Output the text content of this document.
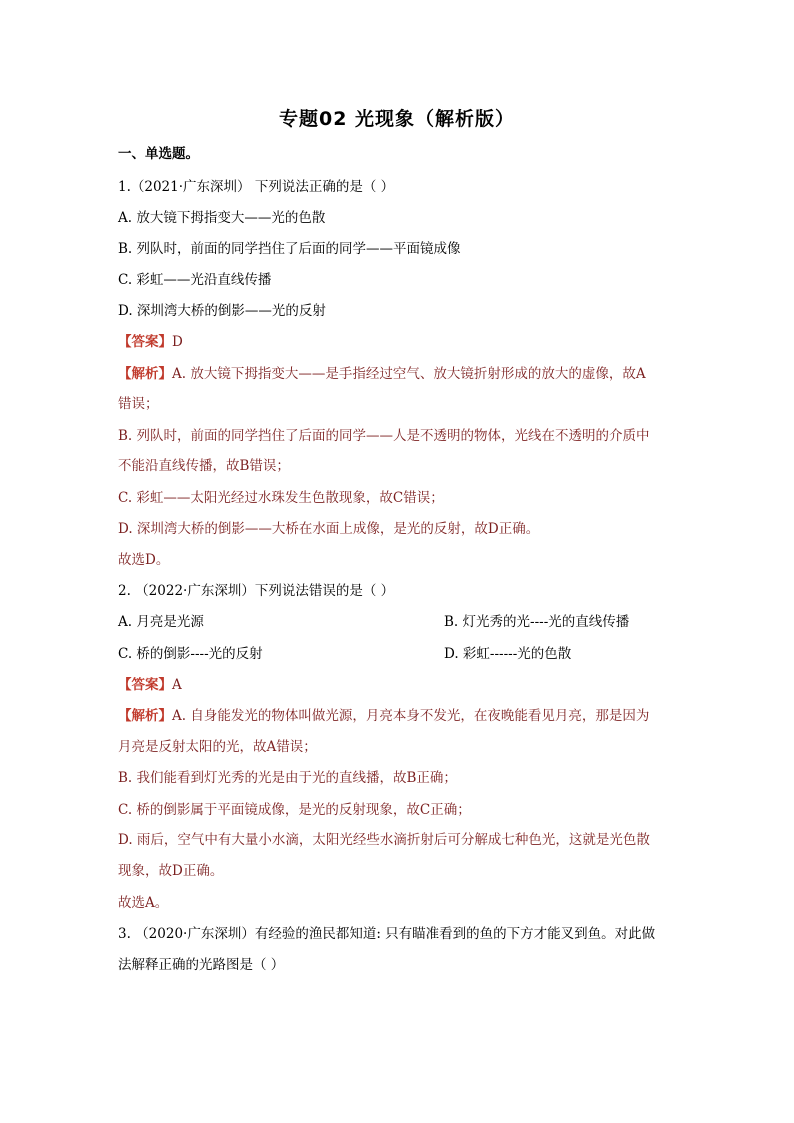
专题02 光现象（解析版）
一、单选题。
1.（2021·广东深圳） 下列说法正确的是（ ）
A. 放大镜下拇指变大——光的色散
B. 列队时，前面的同学挡住了后面的同学——平面镜成像
C. 彩虹——光沿直线传播
D. 深圳湾大桥的倒影——光的反射
【答案】D
【解析】A. 放大镜下拇指变大——是手指经过空气、放大镜折射形成的放大的虚像，故A
错误；
B. 列队时，前面的同学挡住了后面的同学——人是不透明的物体，光线在不透明的介质中
不能沿直线传播，故B错误；
C. 彩虹——太阳光经过水珠发生色散现象，故C错误；
D. 深圳湾大桥的倒影——大桥在水面上成像，是光的反射，故D正确。
故选D。
2. （2022·广东深圳）下列说法错误的是（ ）
A. 月亮是光源	B. 灯光秀的光----光的直线传播
C. 桥的倒影----光的反射	D. 彩虹------光的色散
【答案】A
【解析】A. 自身能发光的物体叫做光源，月亮本身不发光，在夜晚能看见月亮，那是因为
月亮是反射太阳的光，故A错误；
B. 我们能看到灯光秀的光是由于光的直线播，故B正确；
C. 桥的倒影属于平面镜成像，是光的反射现象，故C正确；
D. 雨后，空气中有大量小水滴，太阳光经些水滴折射后可分解成七种色光，这就是光色散
现象，故D正确。
故选A。
3. （2020·广东深圳）有经验的渔民都知道: 只有瞄准看到的鱼的下方才能叉到鱼。对此做
法解释正确的光路图是（ ）
